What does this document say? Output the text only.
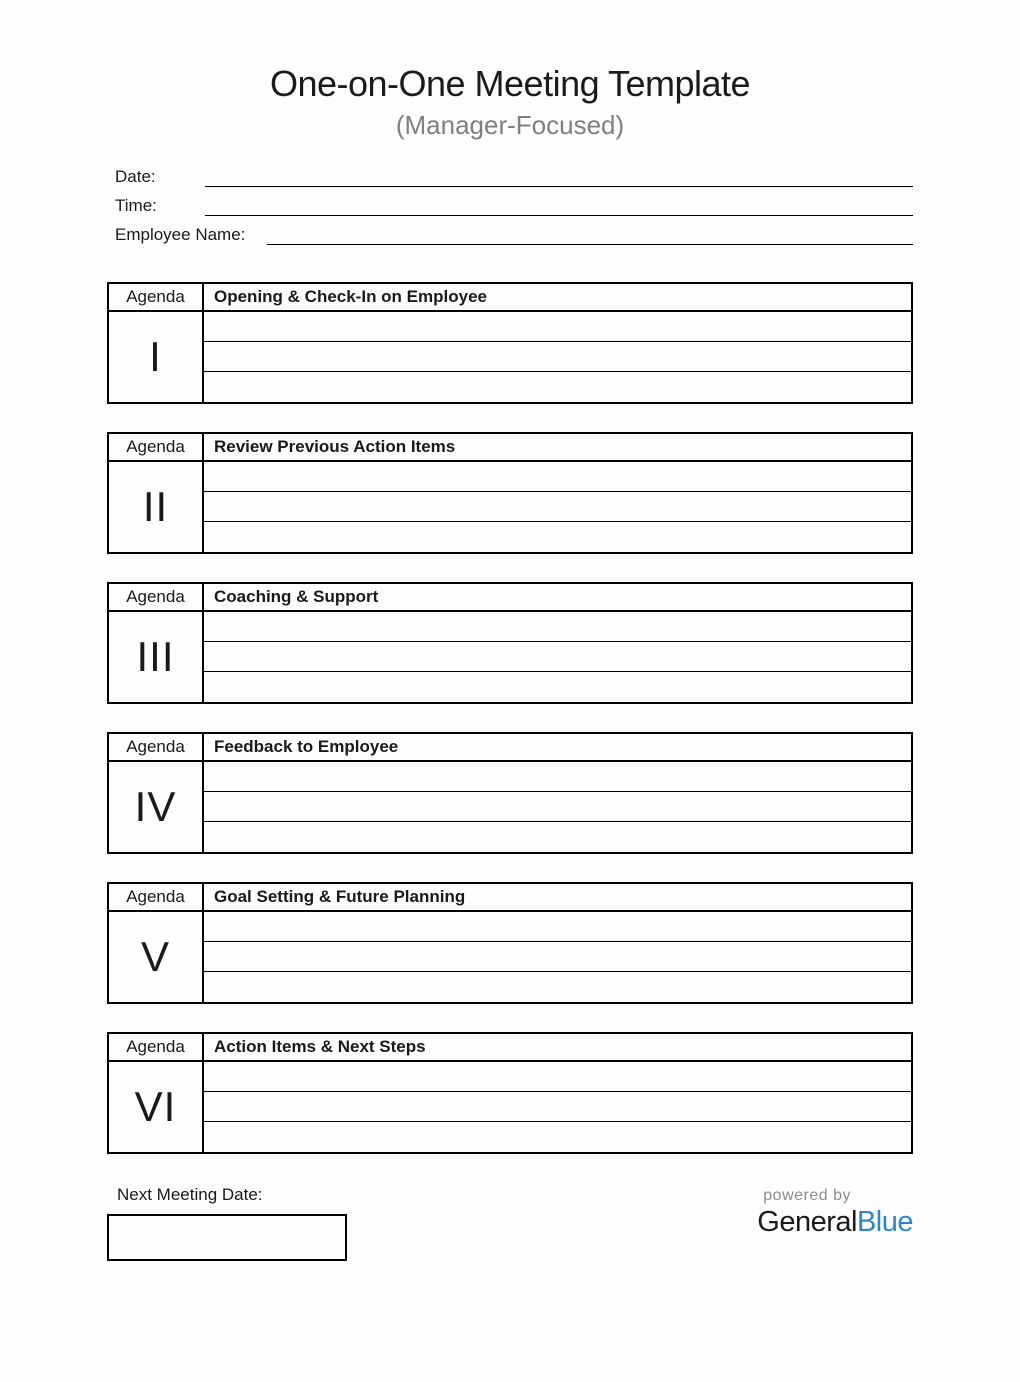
One-on-One Meeting Template
(Manager-Focused)
Date:
Time:
Employee Name:
Agenda	Opening & Check-In on Employee
I
Agenda	Review Previous Action Items
II
Agenda	Coaching & Support
III
Agenda	Feedback to Employee
IV
Agenda	Goal Setting & Future Planning
V
Agenda	Action Items & Next Steps
VI
Next Meeting Date:	powered by
GeneralBlue
